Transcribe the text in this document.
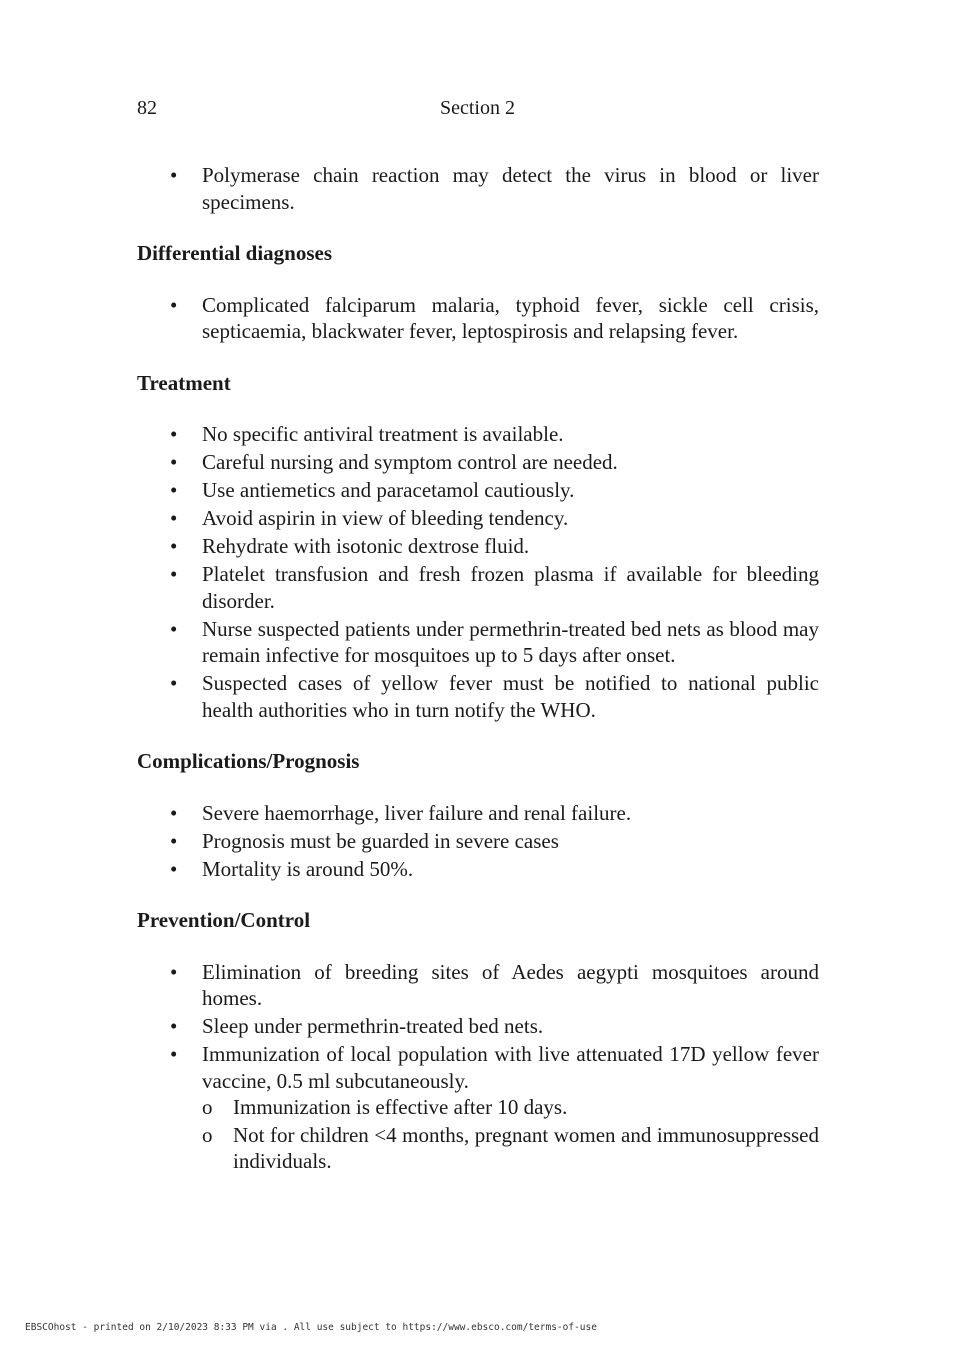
82	Section 2
• Polymerase chain reaction may detect the virus in blood or liver specimens.
Differential diagnoses
• Complicated falciparum malaria, typhoid fever, sickle cell crisis, septicaemia, blackwater fever, leptospirosis and relapsing fever.
Treatment
• No specific antiviral treatment is available.
• Careful nursing and symptom control are needed.
• Use antiemetics and paracetamol cautiously.
• Avoid aspirin in view of bleeding tendency.
• Rehydrate with isotonic dextrose fluid.
• Platelet transfusion and fresh frozen plasma if available for bleeding disorder.
• Nurse suspected patients under permethrin-treated bed nets as blood may remain infective for mosquitoes up to 5 days after onset.
• Suspected cases of yellow fever must be notified to national public health authorities who in turn notify the WHO.
Complications/Prognosis
• Severe haemorrhage, liver failure and renal failure.
• Prognosis must be guarded in severe cases
• Mortality is around 50%.
Prevention/Control
• Elimination of breeding sites of Aedes aegypti mosquitoes around homes.
• Sleep under permethrin-treated bed nets.
• Immunization of local population with live attenuated 17D yellow fever vaccine, 0.5 ml subcutaneously.
o Immunization is effective after 10 days.
o Not for children <4 months, pregnant women and immunosuppressed individuals.
EBSCOhost - printed on 2/10/2023 8:33 PM via . All use subject to https://www.ebsco.com/terms-of-use
